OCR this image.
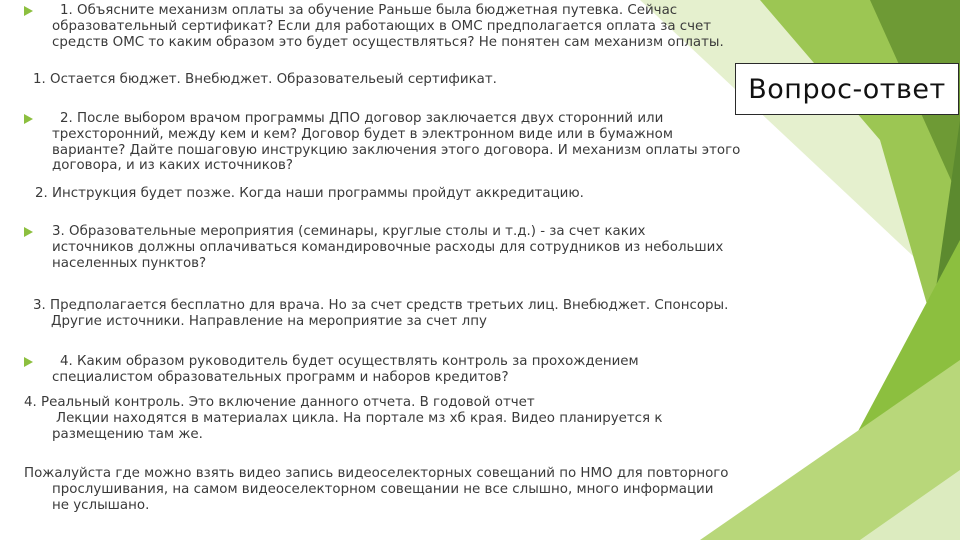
Вопрос-ответ
1. Объясните механизм оплаты за обучение Раньше была бюджетная путевка. Сейчас
образовательный сертификат? Если для работающих в ОМС предполагается оплата за счет
средств ОМС то каким образом это будет осуществляться? Не понятен сам механизм оплаты.
1. Остается бюджет. Внебюджет. Образовательеый сертификат.
2. После выбором врачом программы ДПО договор заключается двух сторонний или
трехсторонний, между кем и кем? Договор будет в электронном виде или в бумажном
варианте? Дайте пошаговую инструкцию заключения этого договора. И механизм оплаты этого
договора, и из каких источников?
2. Инструкция будет позже. Когда наши программы пройдут аккредитацию.
3. Образовательные мероприятия (семинары, круглые столы и т.д.) - за счет каких
источников должны оплачиваться командировочные расходы для сотрудников из небольших
населенных пунктов?
3. Предполагается бесплатно для врача. Но за счет средств третьих лиц. Внебюджет. Спонсоры.
Другие источники. Направление на мероприятие за счет лпу
4. Каким образом руководитель будет осуществлять контроль за прохождением
специалистом образовательных программ и наборов кредитов?
4. Реальный контроль. Это включение данного отчета. В годовой отчет
Лекции находятся в материалах цикла. На портале мз хб края. Видео планируется к
размещению там же.
Пожалуйста где можно взять видео запись видеоселекторных совещаний по НМО для повторного
прослушивания, на самом видеоселекторном совещании не все слышно, много информации
не услышано.
